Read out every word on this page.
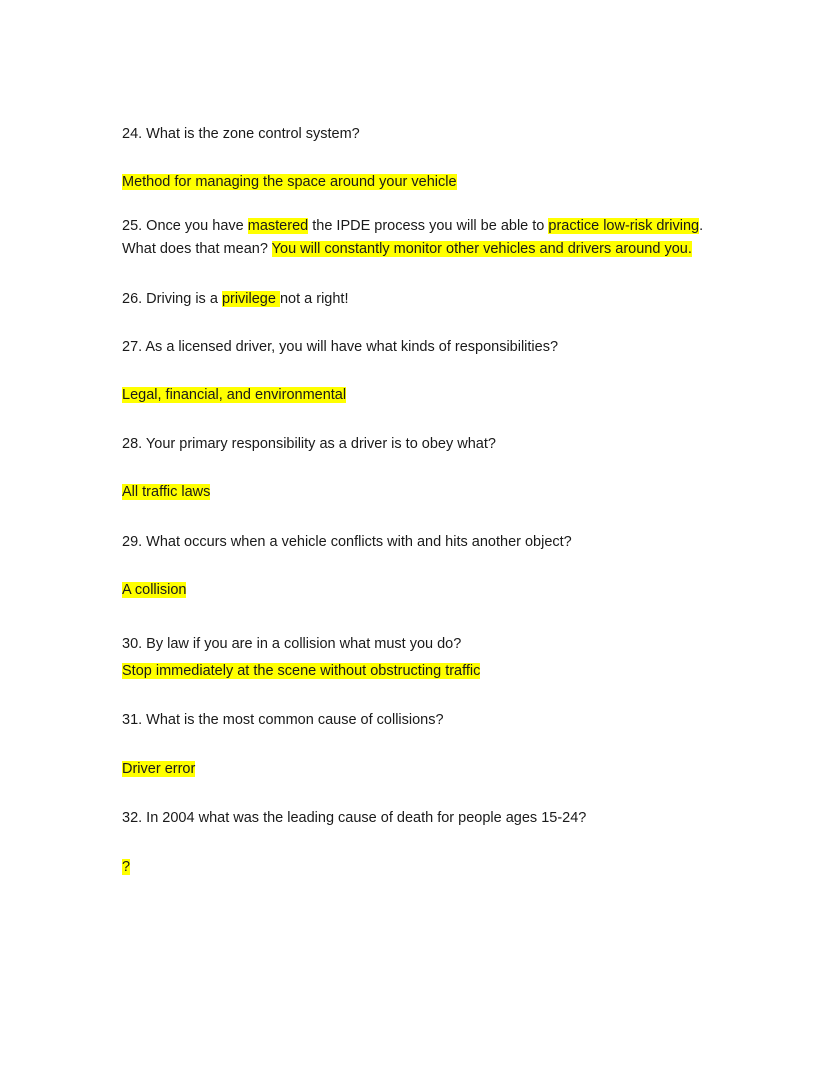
24. What is the zone control system?
Method for managing the space around your vehicle
25. Once you have mastered the IPDE process you will be able to practice low-risk driving.
What does that mean? You will constantly monitor other vehicles and drivers around you.
26. Driving is a privilege not a right!
27. As a licensed driver, you will have what kinds of responsibilities?
Legal, financial, and environmental
28. Your primary responsibility as a driver is to obey what?
All traffic laws
29. What occurs when a vehicle conflicts with and hits another object?
A collision
30. By law if you are in a collision what must you do?
Stop immediately at the scene without obstructing traffic
31. What is the most common cause of collisions?
Driver error
32. In 2004 what was the leading cause of death for people ages 15-24?
?
